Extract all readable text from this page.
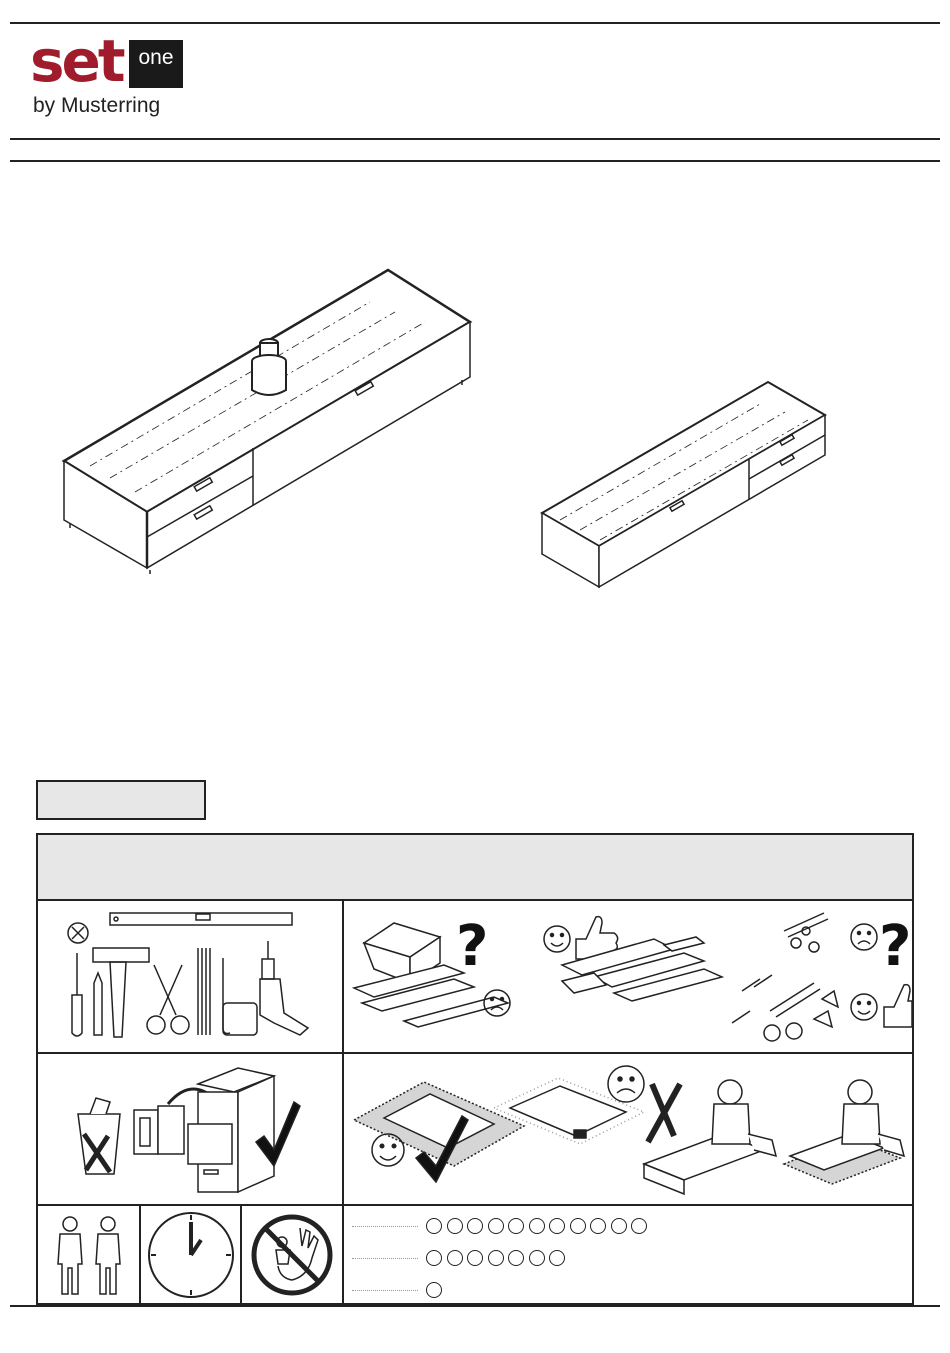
set one
by Musterring
?	?
